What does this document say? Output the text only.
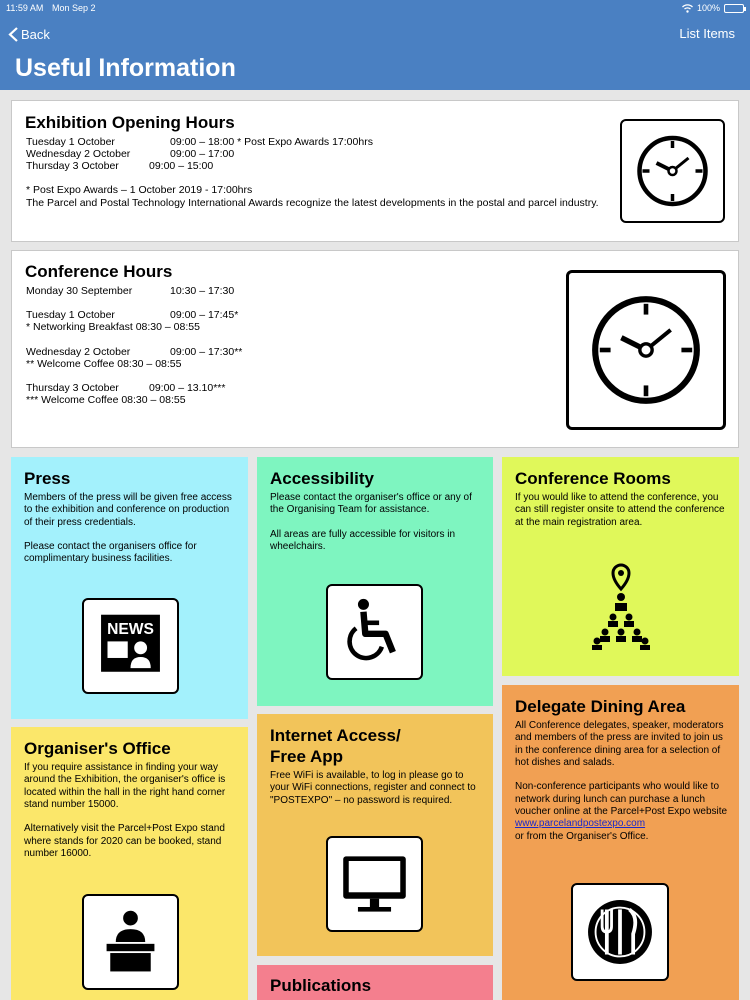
11:59 AM Mon Sep 2	100%
Back	List Items
Useful Information
Exhibition Opening Hours
Tuesday 1 October	09:00 – 18:00 * Post Expo Awards 17:00hrs
Wednesday 2 October	09:00 – 17:00
Thursday 3 October	09:00 – 15:00
* Post Expo Awards – 1 October 2019 - 17:00hrs
The Parcel and Postal Technology International Awards recognize the latest developments in the postal and parcel industry.
Conference Hours
Monday 30 September	10:30 – 17:30
Tuesday 1 October	09:00 – 17:45*
* Networking Breakfast 08:30 – 08:55
Wednesday 2 October	09:00 – 17:30**
** Welcome Coffee 08:30 – 08:55
Thursday 3 October	09:00 – 13.10***
*** Welcome Coffee 08:30 – 08:55
Press
Members of the press will be given free access to the exhibition and conference on production of their press credentials.

Please contact the organisers office for complimentary business facilities.
NEWS
Accessibility
Please contact the organiser's office or any of the Organising Team for assistance.

All areas are fully accessible for visitors in wheelchairs.
Conference Rooms
If you would like to attend the conference, you can still register onsite to attend the conference at the main registration area.
Organiser's Office
If you require assistance in finding your way around the Exhibition, the organiser's office is located within the hall in the right hand corner stand number 15000.

Alternatively visit the Parcel+Post Expo stand where stands for 2020 can be booked, stand number 16000.
Internet Access/
Free App
Free WiFi is available, to log in please go to your WiFi connections, register and connect to "POSTEXPO" – no password is required.
Delegate Dining Area
All Conference delegates, speaker, moderators and members of the press are invited to join us in the conference dining area for a selection of hot dishes and salads.

Non-conference participants who would like to network during lunch can purchase a lunch voucher online at the Parcel+Post Expo website www.parcelandpostexpo.com
or from the Organiser's Office.
Publications
